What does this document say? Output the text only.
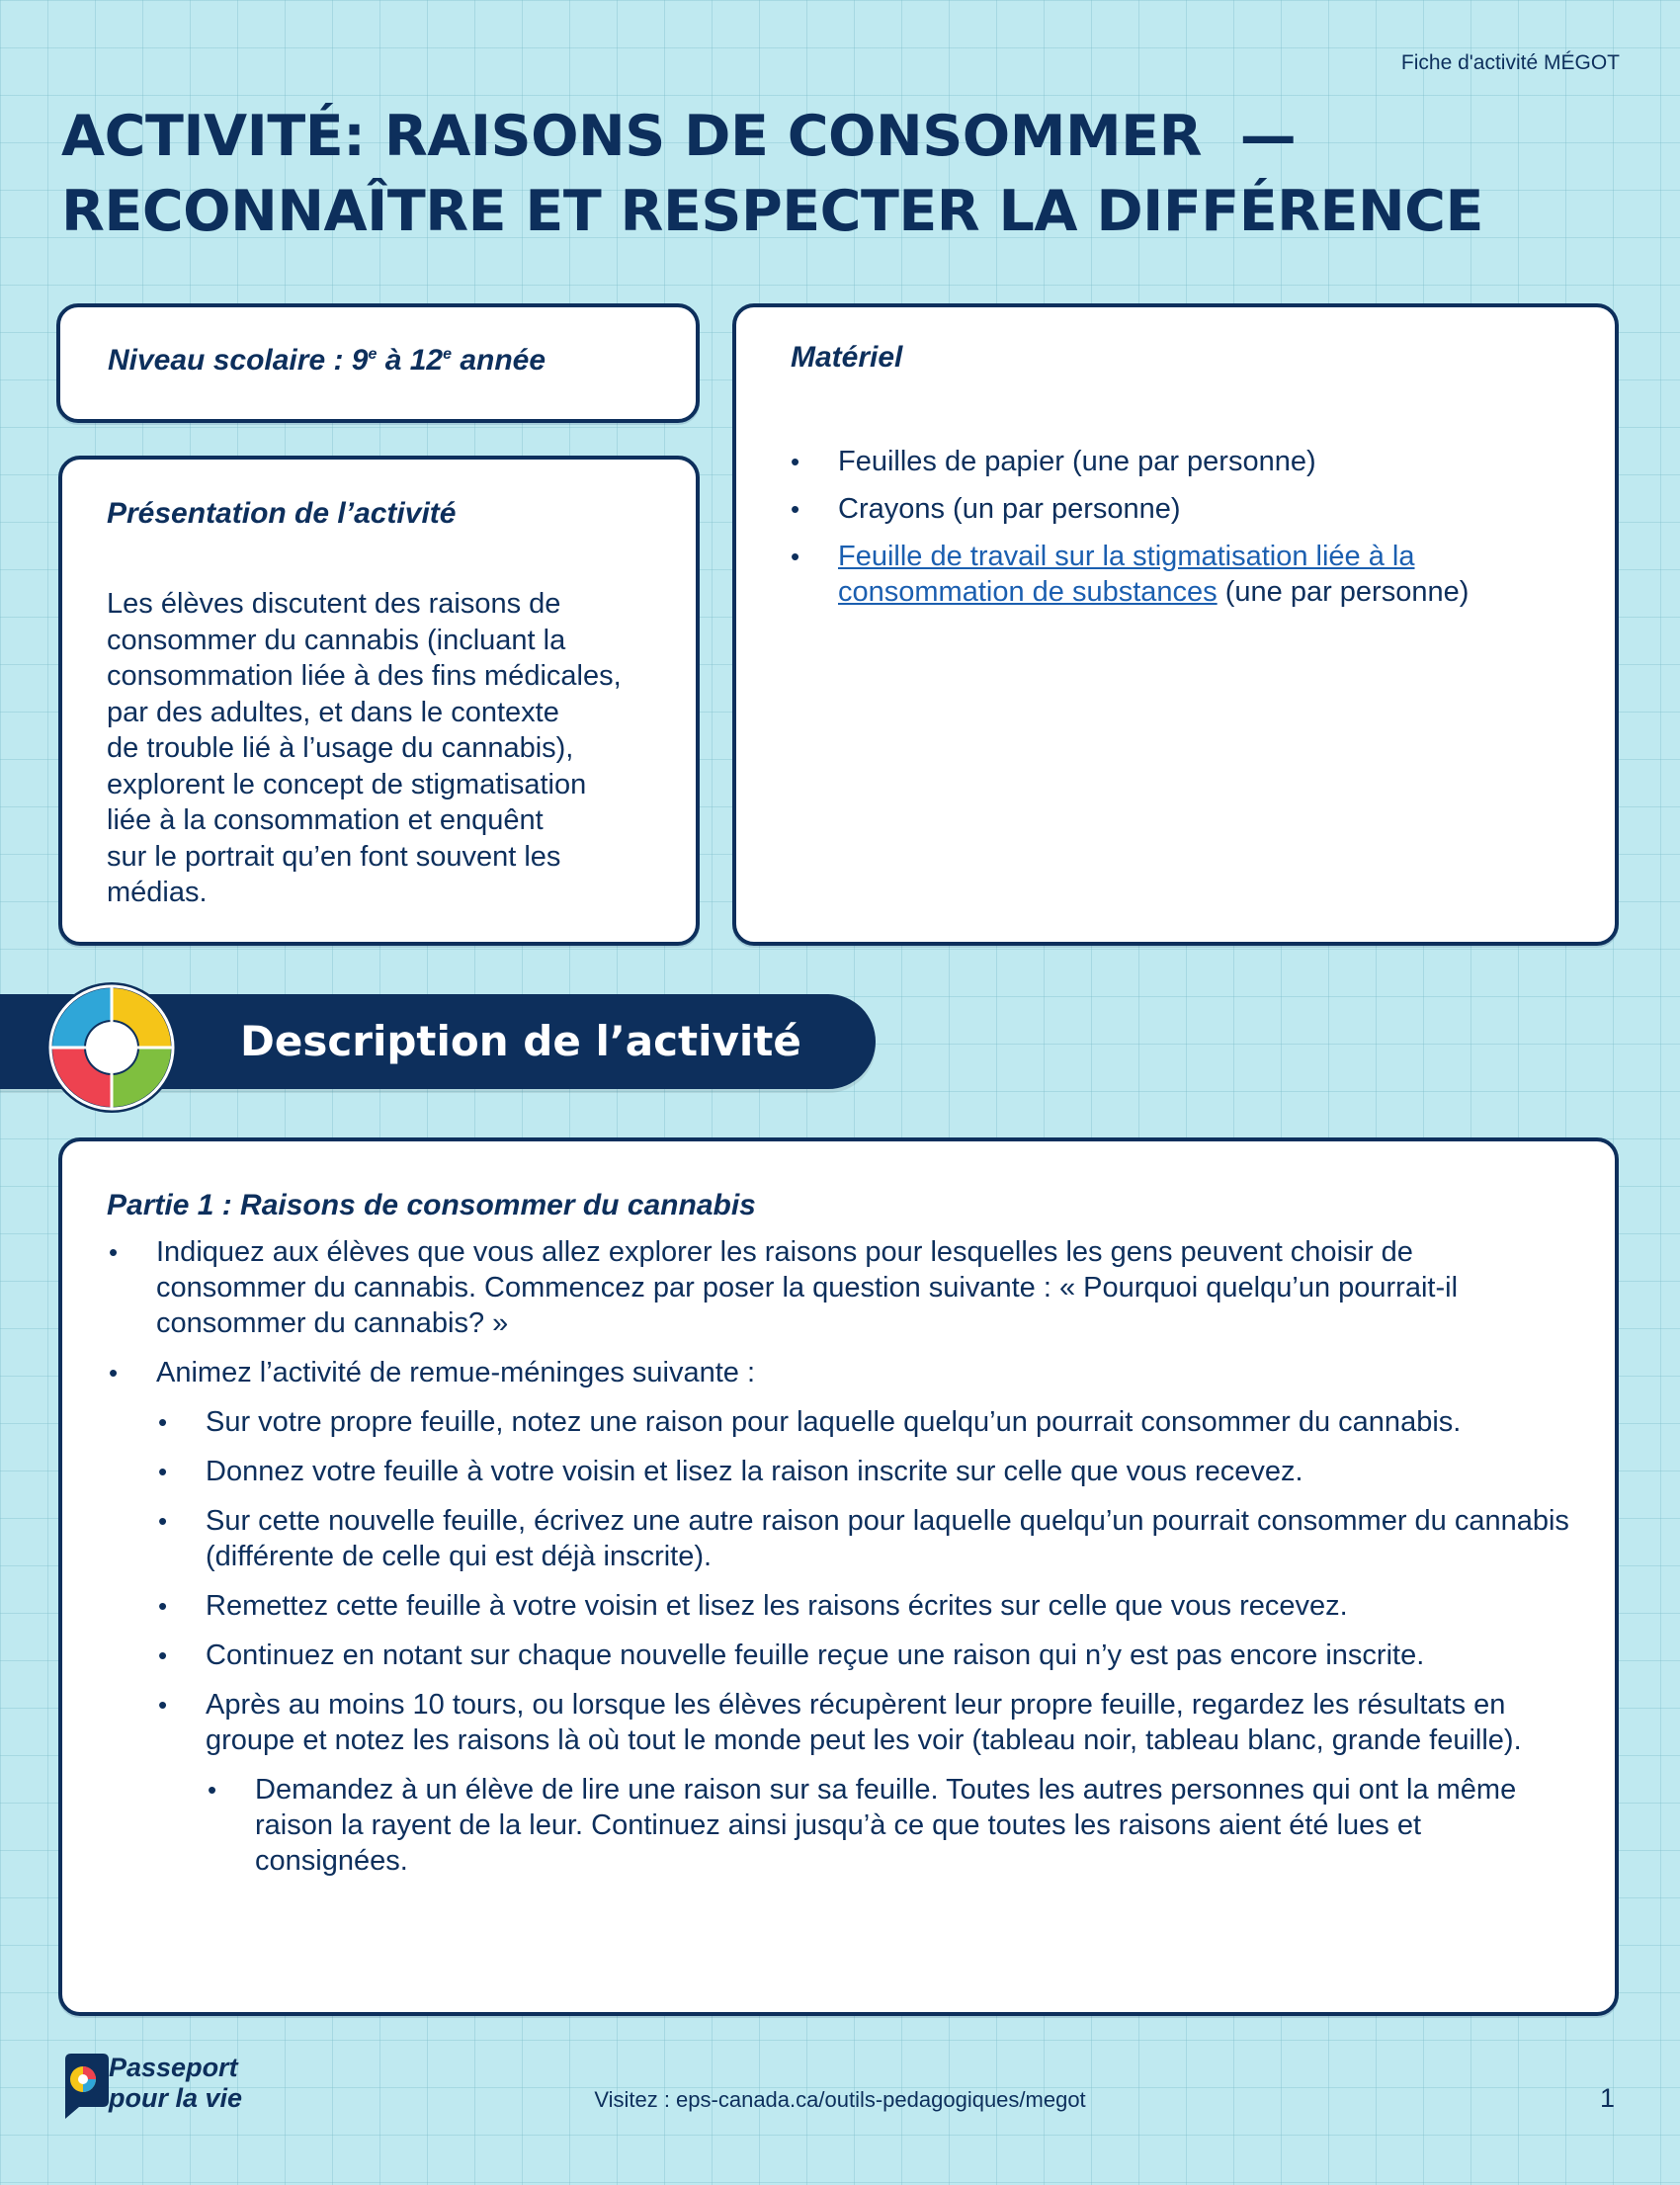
Fiche d'activité MÉGOT
ACTIVITÉ: RAISONS DE CONSOMMER  —
RECONNAÎTRE ET RESPECTER LA DIFFÉRENCE

Niveau scolaire : 9e à 12e année

Présentation de l’activité

Les élèves discutent des raisons de

consommer du cannabis (incluant la

consommation liée à des fins médicales,

par des adultes, et dans le contexte

de trouble lié à l’usage du cannabis),

explorent le concept de stigmatisation

liée à la consommation et enquênt

sur le portrait qu’en font souvent les

médias.

Matériel

• Feuilles de papier (une par personne)
• Crayons (un par personne)
• Feuille de travail sur la stigmatisation liée à la
consommation de substances (une par personne)
Description de l’activité

Partie 1 : Raisons de consommer du cannabis

• Indiquez aux élèves que vous allez explorer les raisons pour lesquelles les gens peuvent choisir de consommer du cannabis. Commencez par poser la question suivante : « Pourquoi quelqu’un pourrait-il consommer du cannabis? »
• Animez l’activité de remue-méninges suivante :
• Sur votre propre feuille, notez une raison pour laquelle quelqu’un pourrait consommer du cannabis.
• Donnez votre feuille à votre voisin et lisez la raison inscrite sur celle que vous recevez.
• Sur cette nouvelle feuille, écrivez une autre raison pour laquelle quelqu’un pourrait consommer du cannabis (différente de celle qui est déjà inscrite).
• Remettez cette feuille à votre voisin et lisez les raisons écrites sur celle que vous recevez.
• Continuez en notant sur chaque nouvelle feuille reçue une raison qui n’y est pas encore inscrite.
• Après au moins 10 tours, ou lorsque les élèves récupèrent leur propre feuille, regardez les résultats en groupe et notez les raisons là où tout le monde peut les voir (tableau noir, tableau blanc, grande feuille).
• Demandez à un élève de lire une raison sur sa feuille. Toutes les autres personnes qui ont la même raison la rayent de la leur. Continuez ainsi jusqu’à ce que toutes les raisons aient été lues et consignées.
Passeport
pour la vie	Visitez : eps-canada.ca/outils-pedagogiques/megot	1
